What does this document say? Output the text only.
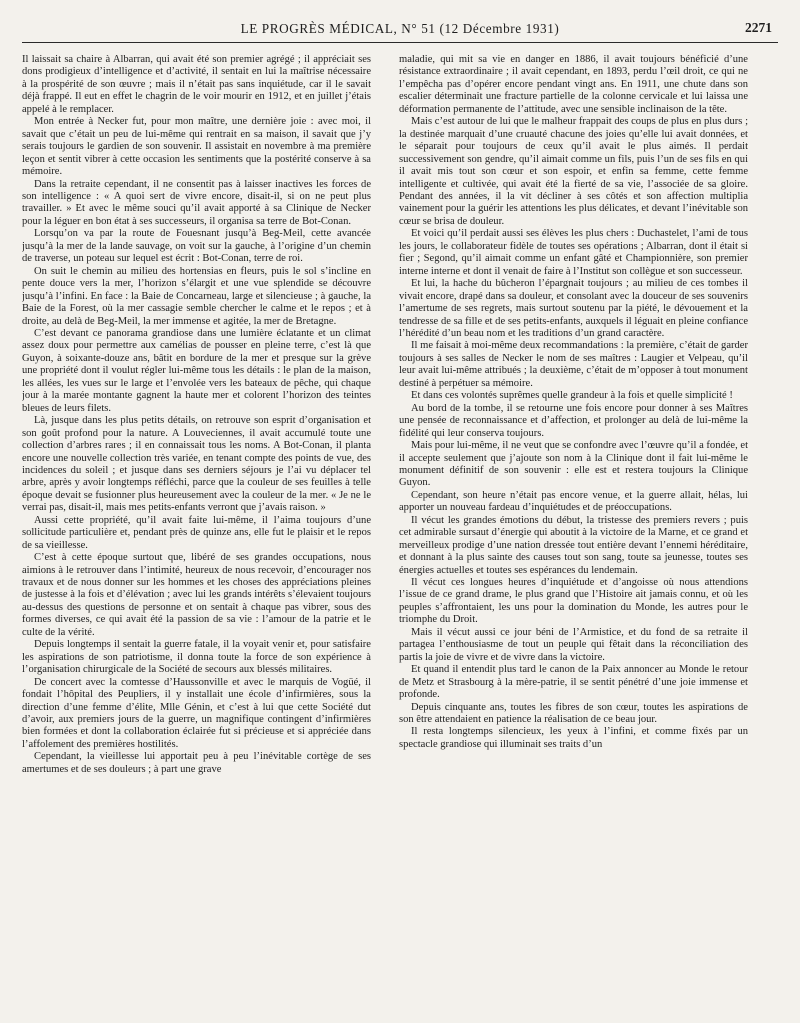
LE PROGRÈS MÉDICAL, N° 51 (12 Décembre 1931)	2271

Il laissait sa chaire à Albarran, qui avait été son premier agrégé ; il appréciait ses dons prodigieux d’intelligence et d’activité, il sentait en lui la maîtrise nécessaire à la prospérité de son œuvre ; mais il n’était pas sans inquiétude, car il le savait déjà frappé. Il eut en effet le chagrin de le voir mourir en 1912, et en juillet j’étais appelé à le remplacer.

Mon entrée à Necker fut, pour mon maître, une dernière joie : avec moi, il savait que c’était un peu de lui-même qui rentrait en sa maison, il savait que j’y serais toujours le gardien de son souvenir. Il assistait en novembre à ma première leçon et sentit vibrer à cette occasion les sentiments que la postérité conserve à sa mémoire.

Dans la retraite cependant, il ne consentit pas à laisser inactives les forces de son intelligence : « A quoi sert de vivre encore, disait-il, si on ne peut plus travailler. » Et avec le même souci qu’il avait apporté à sa Clinique de Necker pour la léguer en bon état à ses successeurs, il organisa sa terre de Bot-Conan.

Lorsqu’on va par la route de Fouesnant jusqu’à Beg-Meil, cette avancée jusqu’à la mer de la lande sauvage, on voit sur la gauche, à l’origine d’un chemin de traverse, un poteau sur lequel est écrit : Bot-Conan, terre de roi.

On suit le chemin au milieu des hortensias en fleurs, puis le sol s’incline en pente douce vers la mer, l’horizon s’élargit et une vue splendide se découvre jusqu’à l’infini. En face : la Baie de Concarneau, large et silencieuse ; à gauche, la Baie de la Forest, où la mer cassagie semble chercher le calme et le repos ; et à droite, au delà de Beg-Meil, la mer immense et agitée, la mer de Bretagne.

C’est devant ce panorama grandiose dans une lumière éclatante et un climat assez doux pour permettre aux camélias de pousser en pleine terre, c’est là que Guyon, à soixante-douze ans, bâtit en bordure de la mer et presque sur la grève une propriété dont il voulut régler lui-même tous les détails : le plan de la maison, les allées, les vues sur le large et l’envolée vers les bateaux de pêche, qui chaque jour à la marée montante gagnent la haute mer et colorent l’horizon des teintes bleues de leurs filets.

Là, jusque dans les plus petits détails, on retrouve son esprit d’organisation et son goût profond pour la nature. A Louveciennes, il avait accumulé toute une collection d’arbres rares ; il en connaissait tous les noms. A Bot-Conan, il planta encore une nouvelle collection très variée, en tenant compte des points de vue, des incidences du soleil ; et jusque dans ses derniers séjours je l’ai vu déplacer tel arbre, après y avoir longtemps réfléchi, parce que la couleur de ses feuilles à telle époque devait se fusionner plus heureusement avec la couleur de la mer. « Je ne le verrai pas, disait-il, mais mes petits-enfants verront que j’avais raison. »

Aussi cette propriété, qu’il avait faite lui-même, il l’aima toujours d’une sollicitude particulière et, pendant près de quinze ans, elle fut le plaisir et le repos de sa vieillesse.

C’est à cette époque surtout que, libéré de ses grandes occupations, nous aimions à le retrouver dans l’intimité, heureux de nous recevoir, d’encourager nos travaux et de nous donner sur les hommes et les choses des appréciations pleines de justesse à la fois et d’élévation ; avec lui les grands intérêts s’élevaient toujours au-dessus des questions de personne et on sentait à chaque pas vibrer, sous des formes diverses, ce qui avait été la passion de sa vie : l’amour de la patrie et le culte de la vérité.

Depuis longtemps il sentait la guerre fatale, il la voyait venir et, pour satisfaire les aspirations de son patriotisme, il donna toute la force de son expérience à l’organisation chirurgicale de la Société de secours aux blessés militaires.

De concert avec la comtesse d’Haussonville et avec le marquis de Vogüé, il fondait l’hôpital des Peupliers, il y installait une école d’infirmières, sous la direction d’une femme d’élite, Mlle Génin, et c’est à lui que cette Société dut d’avoir, aux premiers jours de la guerre, un magnifique contingent d’infirmières bien formées et dont la collaboration éclairée fut si précieuse et si appréciée dans l’affolement des premières hostilités.

Cependant, la vieillesse lui apportait peu à peu l’inévitable cortège de ses amertumes et de ses douleurs ; à part une grave

maladie, qui mit sa vie en danger en 1886, il avait toujours bénéficié d’une résistance extraordinaire ; il avait cependant, en 1893, perdu l’œil droit, ce qui ne l’empêcha pas d’opérer encore pendant vingt ans. En 1911, une chute dans son escalier déterminait une fracture partielle de la colonne cervicale et lui laissa une déformation permanente de l’attitude, avec une sensible inclinaison de la tête.

Mais c’est autour de lui que le malheur frappait des coups de plus en plus durs ; la destinée marquait d’une cruauté chacune des joies qu’elle lui avait données, et le séparait pour toujours de ceux qu’il avait le plus aimés. Il perdait successivement son gendre, qu’il aimait comme un fils, puis l’un de ses fils en qui il avait mis tout son cœur et son espoir, et enfin sa femme, cette femme intelligente et cultivée, qui avait été la fierté de sa vie, l’associée de sa gloire. Pendant des années, il la vit décliner à ses côtés et son affection multiplia vainement pour la guérir les attentions les plus délicates, et devant l’inévitable son cœur se brisa de douleur.

Et voici qu’il perdait aussi ses élèves les plus chers : Duchastelet, l’ami de tous les jours, le collaborateur fidèle de toutes ses opérations ; Albarran, dont il était si fier ; Segond, qu’il aimait comme un enfant gâté et Championnière, son premier interne interne et dont il venait de faire à l’Institut son collègue et son successeur.

Et lui, la hache du bûcheron l’épargnait toujours ; au milieu de ces tombes il vivait encore, drapé dans sa douleur, et consolant avec la douceur de ses souvenirs l’amertume de ses regrets, mais surtout soutenu par la piété, le dévouement et la tendresse de sa fille et de ses petits-enfants, auxquels il léguait en pleine confiance l’hérédité d’un beau nom et les traditions d’un grand caractère.

Il me faisait à moi-même deux recommandations : la première, c’était de garder toujours à ses salles de Necker le nom de ses maîtres : Laugier et Velpeau, qu’il leur avait lui-même attribués ; la deuxième, c’était de m’opposer à tout monument destiné à perpétuer sa mémoire.

Et dans ces volontés suprêmes quelle grandeur à la fois et quelle simplicité !

Au bord de la tombe, il se retourne une fois encore pour donner à ses Maîtres une pensée de reconnaissance et d’affection, et prolonger au delà de lui-même la fidélité qui leur conserva toujours.

Mais pour lui-même, il ne veut que se confondre avec l’œuvre qu’il a fondée, et il accepte seulement que j’ajoute son nom à la Clinique dont il fait lui-même le monument définitif de son souvenir : elle est et restera toujours la Clinique Guyon.

Cependant, son heure n’était pas encore venue, et la guerre allait, hélas, lui apporter un nouveau fardeau d’inquiétudes et de préoccupations.

Il vécut les grandes émotions du début, la tristesse des premiers revers ; puis cet admirable sursaut d’énergie qui aboutit à la victoire de la Marne, et ce grand et merveilleux prodige d’une nation dressée tout entière devant l’ennemi héréditaire, et donnant à la plus sainte des causes tout son sang, toute sa jeunesse, toutes ses énergies actuelles et toutes ses espérances du lendemain.

Il vécut ces longues heures d’inquiétude et d’angoisse où nous attendions l’issue de ce grand drame, le plus grand que l’Histoire ait jamais connu, et où les peuples s’affrontaient, les uns pour la domination du Monde, les autres pour le triomphe du Droit.

Mais il vécut aussi ce jour béni de l’Armistice, et du fond de sa retraite il partagea l’enthousiasme de tout un peuple qui fêtait dans la réconciliation des partis la joie de vivre et de vivre dans la victoire.

Et quand il entendit plus tard le canon de la Paix annoncer au Monde le retour de Metz et Strasbourg à la mère-patrie, il se sentit pénétré d’une joie immense et profonde.

Depuis cinquante ans, toutes les fibres de son cœur, toutes les aspirations de son être attendaient en patience la réalisation de ce beau jour.

Il resta longtemps silencieux, les yeux à l’infini, et comme fixés par un spectacle grandiose qui illuminait ses traits d’un
